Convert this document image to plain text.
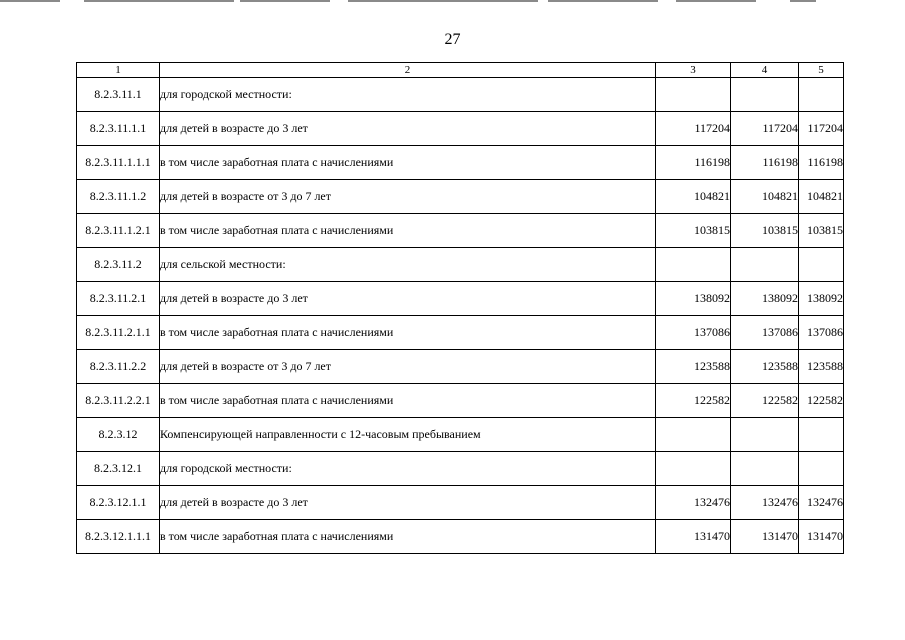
27
1	2	3	4	5
8.2.3.11.1	для городской местности:			
8.2.3.11.1.1	для детей в возрасте до 3 лет	117204	117204	117204
8.2.3.11.1.1.1	в том числе заработная плата с начислениями	116198	116198	116198
8.2.3.11.1.2	для детей в возрасте от 3 до 7 лет	104821	104821	104821
8.2.3.11.1.2.1	в том числе заработная плата с начислениями	103815	103815	103815
8.2.3.11.2	для сельской местности:			
8.2.3.11.2.1	для детей в возрасте до 3 лет	138092	138092	138092
8.2.3.11.2.1.1	в том числе заработная плата с начислениями	137086	137086	137086
8.2.3.11.2.2	для детей в возрасте от 3 до 7 лет	123588	123588	123588
8.2.3.11.2.2.1	в том числе заработная плата с начислениями	122582	122582	122582
8.2.3.12	Компенсирующей направленности с 12-часовым пребыванием			
8.2.3.12.1	для городской местности:			
8.2.3.12.1.1	для детей в возрасте до 3 лет	132476	132476	132476
8.2.3.12.1.1.1	в том числе заработная плата с начислениями	131470	131470	131470
